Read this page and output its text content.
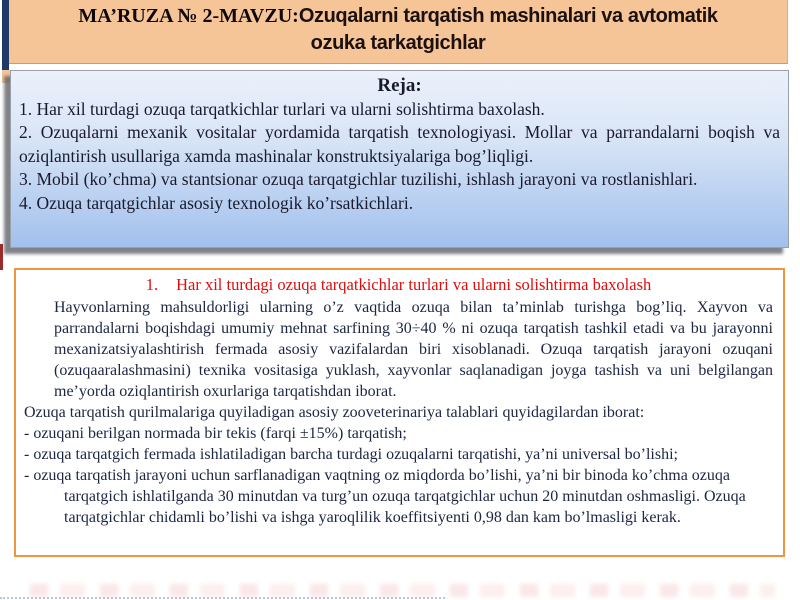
MA’RUZA № 2-MAVZU:Ozuqalarni tarqatish mashinalari va avtomatik ozuka tarkatgichlar
Reja:
1. Har xil turdagi ozuqa tarqatkichlar turlari va ularni solishtirma baxolash.
2. Ozuqalarni mexanik vositalar yordamida tarqatish texnologiyasi. Mollar va parrandalarni boqish va oziqlantirish usullariga xamda mashinalar konstruktsiyalariga bog’liqligi.
3. Mobil (ko’chma) va stantsionar ozuqa tarqatgichlar tuzilishi, ishlash jarayoni va rostlanishlari.
4. Ozuqa tarqatgichlar asosiy texnologik ko’rsatkichlari.
1. Har xil turdagi ozuqa tarqatkichlar turlari va ularni solishtirma baxolash

Hayvonlarning mahsuldorligi ularning o’z vaqtida ozuqa bilan ta’minlab turishga bog’liq. Xayvon va parrandalarni boqishdagi umumiy mehnat sarfining 30÷40 % ni ozuqa tarqatish tashkil etadi va bu jarayonni mexanizatsiyalashtirish fermada asosiy vazifalardan biri xisoblanadi. Ozuqa tarqatish jarayoni ozuqani (ozuqaaralashmasini) texnika vositasiga yuklash, xayvonlar saqlanadigan joyga tashish va uni belgilangan me’yorda oziqlantirish oxurlariga tarqatishdan iborat.

Ozuqa tarqatish qurilmalariga quyiladigan asosiy zooveterinariya talablari quyidagilardan iborat:

- ozuqani berilgan normada bir tekis (farqi ±15%) tarqatish;

- ozuqa tarqatgich fermada ishlatiladigan barcha turdagi ozuqalarni tarqatishi, ya’ni universal bo’lishi;

- ozuqa tarqatish jarayoni uchun sarflanadigan vaqtning oz miqdorda bo’lishi, ya’ni bir binoda ko’chma ozuqa tarqatgich ishlatilganda 30 minutdan va turg’un ozuqa tarqatgichlar uchun 20 minutdan oshmasligi. Ozuqa tarqatgichlar chidamli bo’lishi va ishga yaroqlilik koeffitsiyenti 0,98 dan kam bo’lmasligi kerak.
